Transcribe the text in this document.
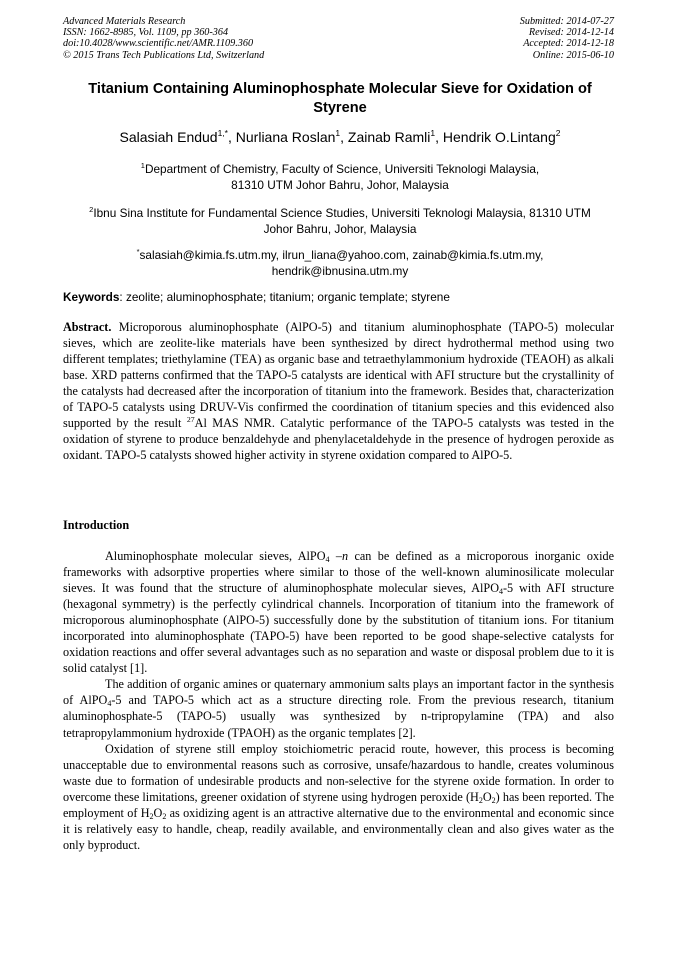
Advanced Materials Research
ISSN: 1662-8985, Vol. 1109, pp 360-364
doi:10.4028/www.scientific.net/AMR.1109.360
© 2015 Trans Tech Publications Ltd, Switzerland
Submitted: 2014-07-27
Revised: 2014-12-14
Accepted: 2014-12-18
Online: 2015-06-10
Titanium Containing Aluminophosphate Molecular Sieve for Oxidation of Styrene
Salasiah Endud$^{1,*}$, Nurliana Roslan$^1$, Zainab Ramli$^1$, Hendrik O.Lintang$^2$
$^1$Department of Chemistry, Faculty of Science, Universiti Teknologi Malaysia,
81310 UTM Johor Bahru, Johor, Malaysia
$^2$Ibnu Sina Institute for Fundamental Science Studies, Universiti Teknologi Malaysia, 81310 UTM
Johor Bahru, Johor, Malaysia
*salasiah@kimia.fs.utm.my, ilrun_liana@yahoo.com, zainab@kimia.fs.utm.my,
hendrik@ibnusina.utm.my
Keywords: zeolite; aluminophosphate; titanium; organic template; styrene
Abstract. Microporous aluminophosphate (AlPO-5) and titanium aluminophosphate (TAPO-5) molecular sieves, which are zeolite-like materials have been synthesized by direct hydrothermal method using two different templates; triethylamine (TEA) as organic base and tetraethylammonium hydroxide (TEAOH) as alkali base. XRD patterns confirmed that the TAPO-5 catalysts are identical with AFI structure but the crystallinity of the catalysts had decreased after the incorporation of titanium into the framework. Besides that, characterization of TAPO-5 catalysts using DRUV-Vis confirmed the coordination of titanium species and this evidenced also supported by the result $^{27}$Al MAS NMR. Catalytic performance of the TAPO-5 catalysts was tested in the oxidation of styrene to produce benzaldehyde and phenylacetaldehyde in the presence of hydrogen peroxide as oxidant. TAPO-5 catalysts showed higher activity in styrene oxidation compared to AlPO-5.
Introduction

Aluminophosphate molecular sieves, AlPO$_4$ –n can be defined as a microporous inorganic oxide frameworks with adsorptive properties where similar to those of the well-known aluminosilicate molecular sieves. It was found that the structure of aluminophosphate molecular sieves, AlPO$_4$-5 with AFI structure (hexagonal symmetry) is the perfectly cylindrical channels. Incorporation of titanium into the framework of microporous aluminophosphate (AlPO-5) successfully done by the substitution of titanium ions. For titanium incorporated into aluminophosphate (TAPO-5) have been reported to be good shape-selective catalysts for oxidation reactions and offer several advantages such as no separation and waste or disposal problem due to it is solid catalyst [1].

The addition of organic amines or quaternary ammonium salts plays an important factor in the synthesis of AlPO$_4$-5 and TAPO-5 which act as a structure directing role. From the previous research, titanium aluminophosphate-5 (TAPO-5) usually was synthesized by n-tripropylamine (TPA) and also tetrapropylammonium hydroxide (TPAOH) as the organic templates [2].

Oxidation of styrene still employ stoichiometric peracid route, however, this process is becoming unacceptable due to environmental reasons such as corrosive, unsafe/hazardous to handle, creates voluminous waste due to formation of undesirable products and non-selective for the styrene oxide formation. In order to overcome these limitations, greener oxidation of styrene using hydrogen peroxide $(H_2O_2)$ has been reported. The employment of $H_2O_2$ as oxidizing agent is an attractive alternative due to the environmental and economic since it is relatively easy to handle, cheap, readily available, and environmentally clean and also gives water as the only byproduct.
